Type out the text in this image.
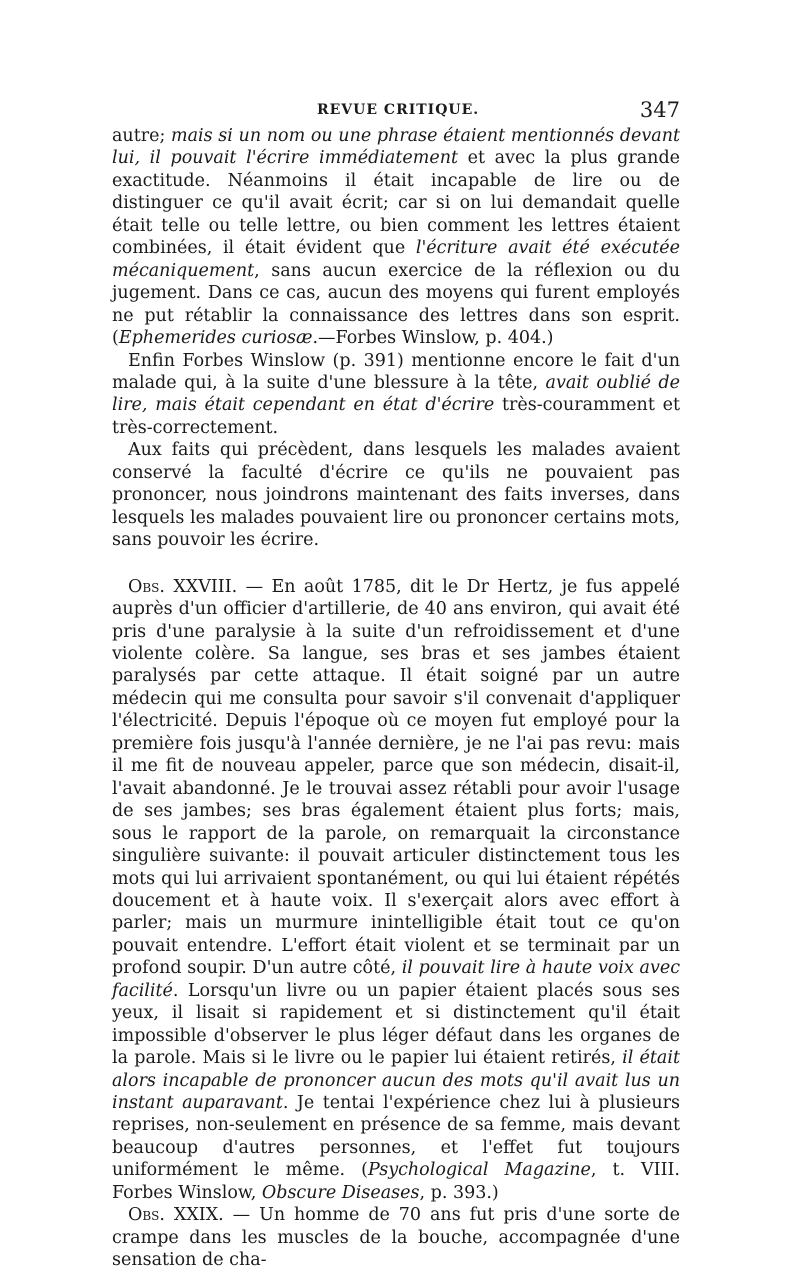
REVUE CRITIQUE.	347

autre; mais si un nom ou une phrase étaient mentionnés devant lui, il pouvait l'écrire immédiatement et avec la plus grande exactitude. Néanmoins il était incapable de lire ou de distinguer ce qu'il avait écrit; car si on lui demandait quelle était telle ou telle lettre, ou bien comment les lettres étaient combinées, il était évident que l'écriture avait été exécutée mécaniquement, sans aucun exercice de la réflexion ou du jugement. Dans ce cas, aucun des moyens qui furent employés ne put rétablir la connaissance des lettres dans son esprit. (Ephemerides curiosæ.—Forbes Winslow, p. 404.)

Enfin Forbes Winslow (p. 391) mentionne encore le fait d'un malade qui, à la suite d'une blessure à la tête, avait oublié de lire, mais était cependant en état d'écrire très-couramment et très-correctement.

Aux faits qui précèdent, dans lesquels les malades avaient conservé la faculté d'écrire ce qu'ils ne pouvaient pas prononcer, nous joindrons maintenant des faits inverses, dans lesquels les malades pouvaient lire ou prononcer certains mots, sans pouvoir les écrire.

Obs. XXVIII. — En août 1785, dit le Dr Hertz, je fus appelé auprès d'un officier d'artillerie, de 40 ans environ, qui avait été pris d'une paralysie à la suite d'un refroidissement et d'une violente colère. Sa langue, ses bras et ses jambes étaient paralysés par cette attaque. Il était soigné par un autre médecin qui me consulta pour savoir s'il convenait d'appliquer l'électricité. Depuis l'époque où ce moyen fut employé pour la première fois jusqu'à l'année dernière, je ne l'ai pas revu: mais il me fit de nouveau appeler, parce que son médecin, disait-il, l'avait abandonné. Je le trouvai assez rétabli pour avoir l'usage de ses jambes; ses bras également étaient plus forts; mais, sous le rapport de la parole, on remarquait la circonstance singulière suivante: il pouvait articuler distinctement tous les mots qui lui arrivaient spontanément, ou qui lui étaient répétés doucement et à haute voix. Il s'exerçait alors avec effort à parler; mais un murmure inintelligible était tout ce qu'on pouvait entendre. L'effort était violent et se terminait par un profond soupir. D'un autre côté, il pouvait lire à haute voix avec facilité. Lorsqu'un livre ou un papier étaient placés sous ses yeux, il lisait si rapidement et si distinctement qu'il était impossible d'observer le plus léger défaut dans les organes de la parole. Mais si le livre ou le papier lui étaient retirés, il était alors incapable de prononcer aucun des mots qu'il avait lus un instant auparavant. Je tentai l'expérience chez lui à plusieurs reprises, non-seulement en présence de sa femme, mais devant beaucoup d'autres personnes, et l'effet fut toujours uniformément le même. (Psychological Magazine, t. VIII. Forbes Winslow, Obscure Diseases, p. 393.)

Obs. XXIX. — Un homme de 70 ans fut pris d'une sorte de crampe dans les muscles de la bouche, accompagnée d'une sensation de cha-
